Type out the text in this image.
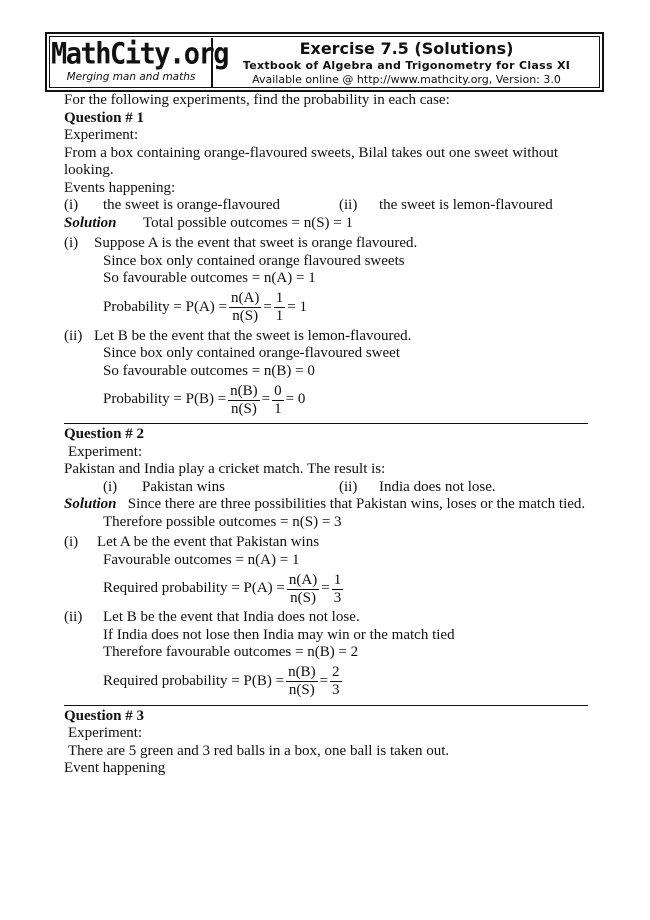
MathCity.org
Merging man and maths
Exercise 7.5 (Solutions)
Textbook of Algebra and Trigonometry for Class XI
Available online @ http://www.mathcity.org, Version: 3.0
For the following experiments, find the probability in each case:
Question # 1
Experiment:
From a box containing orange-flavoured sweets, Bilal takes out one sweet without looking.
Events happening:
(i) the sweet is orange-flavoured	(ii) the sweet is lemon-flavoured
Solution Total possible outcomes = n(S) = 1
(i) Suppose A is the event that sweet is orange flavoured.
Since box only contained orange flavoured sweets
So favourable outcomes = n(A) = 1
Probability =
$P(A) = \frac{n(A)}{n(S)} = \frac{1}{1} = 1$
(ii) Let B be the event that the sweet is lemon-flavoured.
Since box only contained orange-flavoured sweet
So favourable outcomes = n(B) = 0
Probability =
$P(B) = \frac{n(B)}{n(S)} = \frac{0}{1} = 0$
Question # 2
Experiment:
Pakistan and India play a cricket match. The result is:
(i) Pakistan wins	(ii) India does not lose.
Solution Since there are three possibilities that Pakistan wins, loses or the match tied.
Therefore possible outcomes = n(S) = 3
(i) Let A be the event that Pakistan wins
Favourable outcomes = n(A) = 1
Required probability =
$P(A) = \frac{n(A)}{n(S)} = \frac{1}{3}$
(ii) Let B be the event that India does not lose.
If India does not lose then India may win or the match tied
Therefore favourable outcomes = n(B) = 2
Required probability =
$P(B) = \frac{n(B)}{n(S)} = \frac{2}{3}$
Question # 3
Experiment:
There are 5 green and 3 red balls in a box, one ball is taken out.
Event happening
